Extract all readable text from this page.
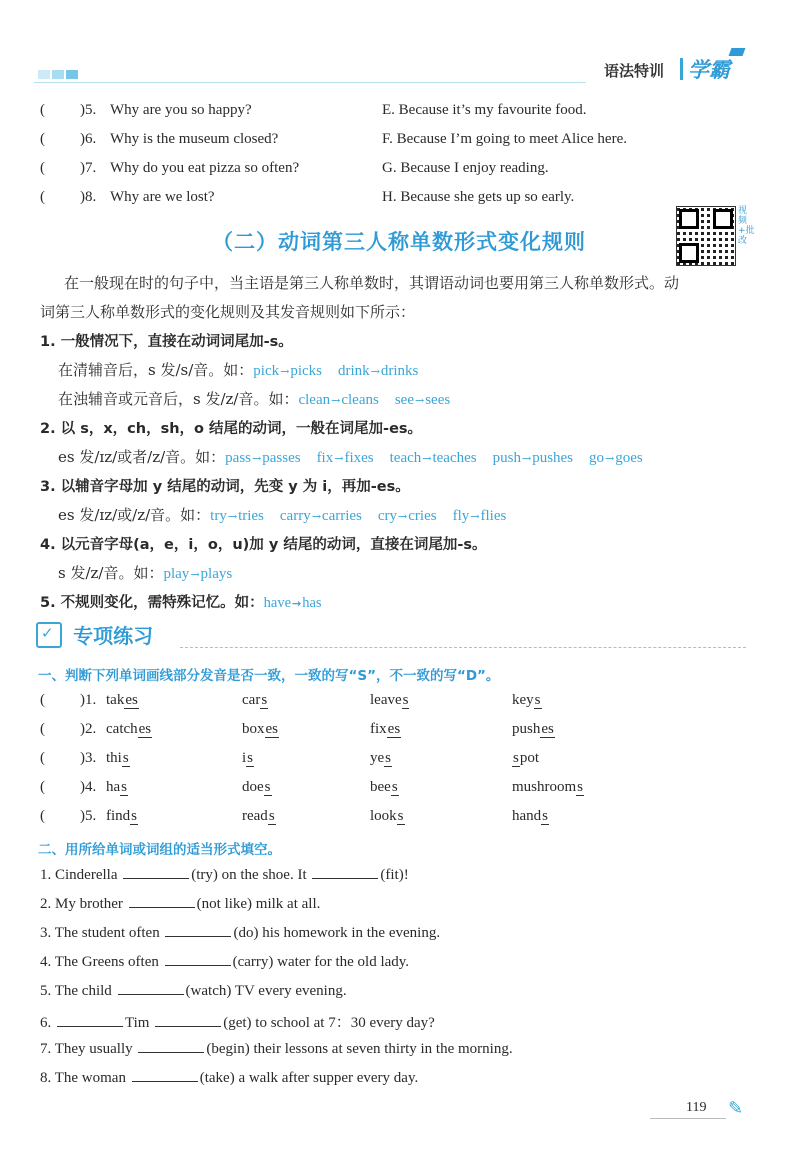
语法特训 学霸
( )5. Why are you so happy?	E. Because it’s my favourite food.
( )6. Why is the museum closed?	F. Because I’m going to meet Alice here.
( )7. Why do you eat pizza so often?	G. Because I enjoy reading.
( )8. Why are we lost?	H. Because she gets up so early.
（二）动词第三人称单数形式变化规则
视频+批改
在一般现在时的句子中，当主语是第三人称单数时，其谓语动词也要用第三人称单数形式。动
词第三人称单数形式的变化规则及其发音规则如下所示：
1. 一般情况下，直接在动词词尾加-s。
在清辅音后，s 发/s/音。如：pick→picks drink→drinks
在浊辅音或元音后，s 发/z/音。如：clean→cleans see→sees
2. 以 s，x，ch，sh，o 结尾的动词，一般在词尾加-es。
es 发/ɪz/或者/z/音。如：pass→passes fix→fixes teach→teaches push→pushes go→goes
3. 以辅音字母加 y 结尾的动词，先变 y 为 i，再加-es。
es 发/ɪz/或/z/音。如：try→tries carry→carries cry→cries fly→flies
4. 以元音字母(a，e，i，o，u)加 y 结尾的动词，直接在词尾加-s。
s 发/z/音。如：play→plays
5. 不规则变化，需特殊记忆。如：have→has
✓ 专项练习
一、判断下列单词画线部分发音是否一致，一致的写“S”，不一致的写“D”。
( )1. takes	cars	leaves	keys
( )2. catches	boxes	fixes	pushes
( )3. this	is	yes	spot
( )4. has	does	bees	mushrooms
( )5. finds	reads	looks	hands
二、用所给单词或词组的适当形式填空。
1. Cinderella	(try) on the shoe. It	(fit)!
2. My brother	(not like) milk at all.
3. The student often	(do) his homework in the evening.
4. The Greens often	(carry) water for the old lady.
5. The child	(watch) TV every evening.
6.	Tim	(get) to school at 7：30 every day?
7. They usually	(begin) their lessons at seven thirty in the morning.
8. The woman	(take) a walk after supper every day.
119 ✎
